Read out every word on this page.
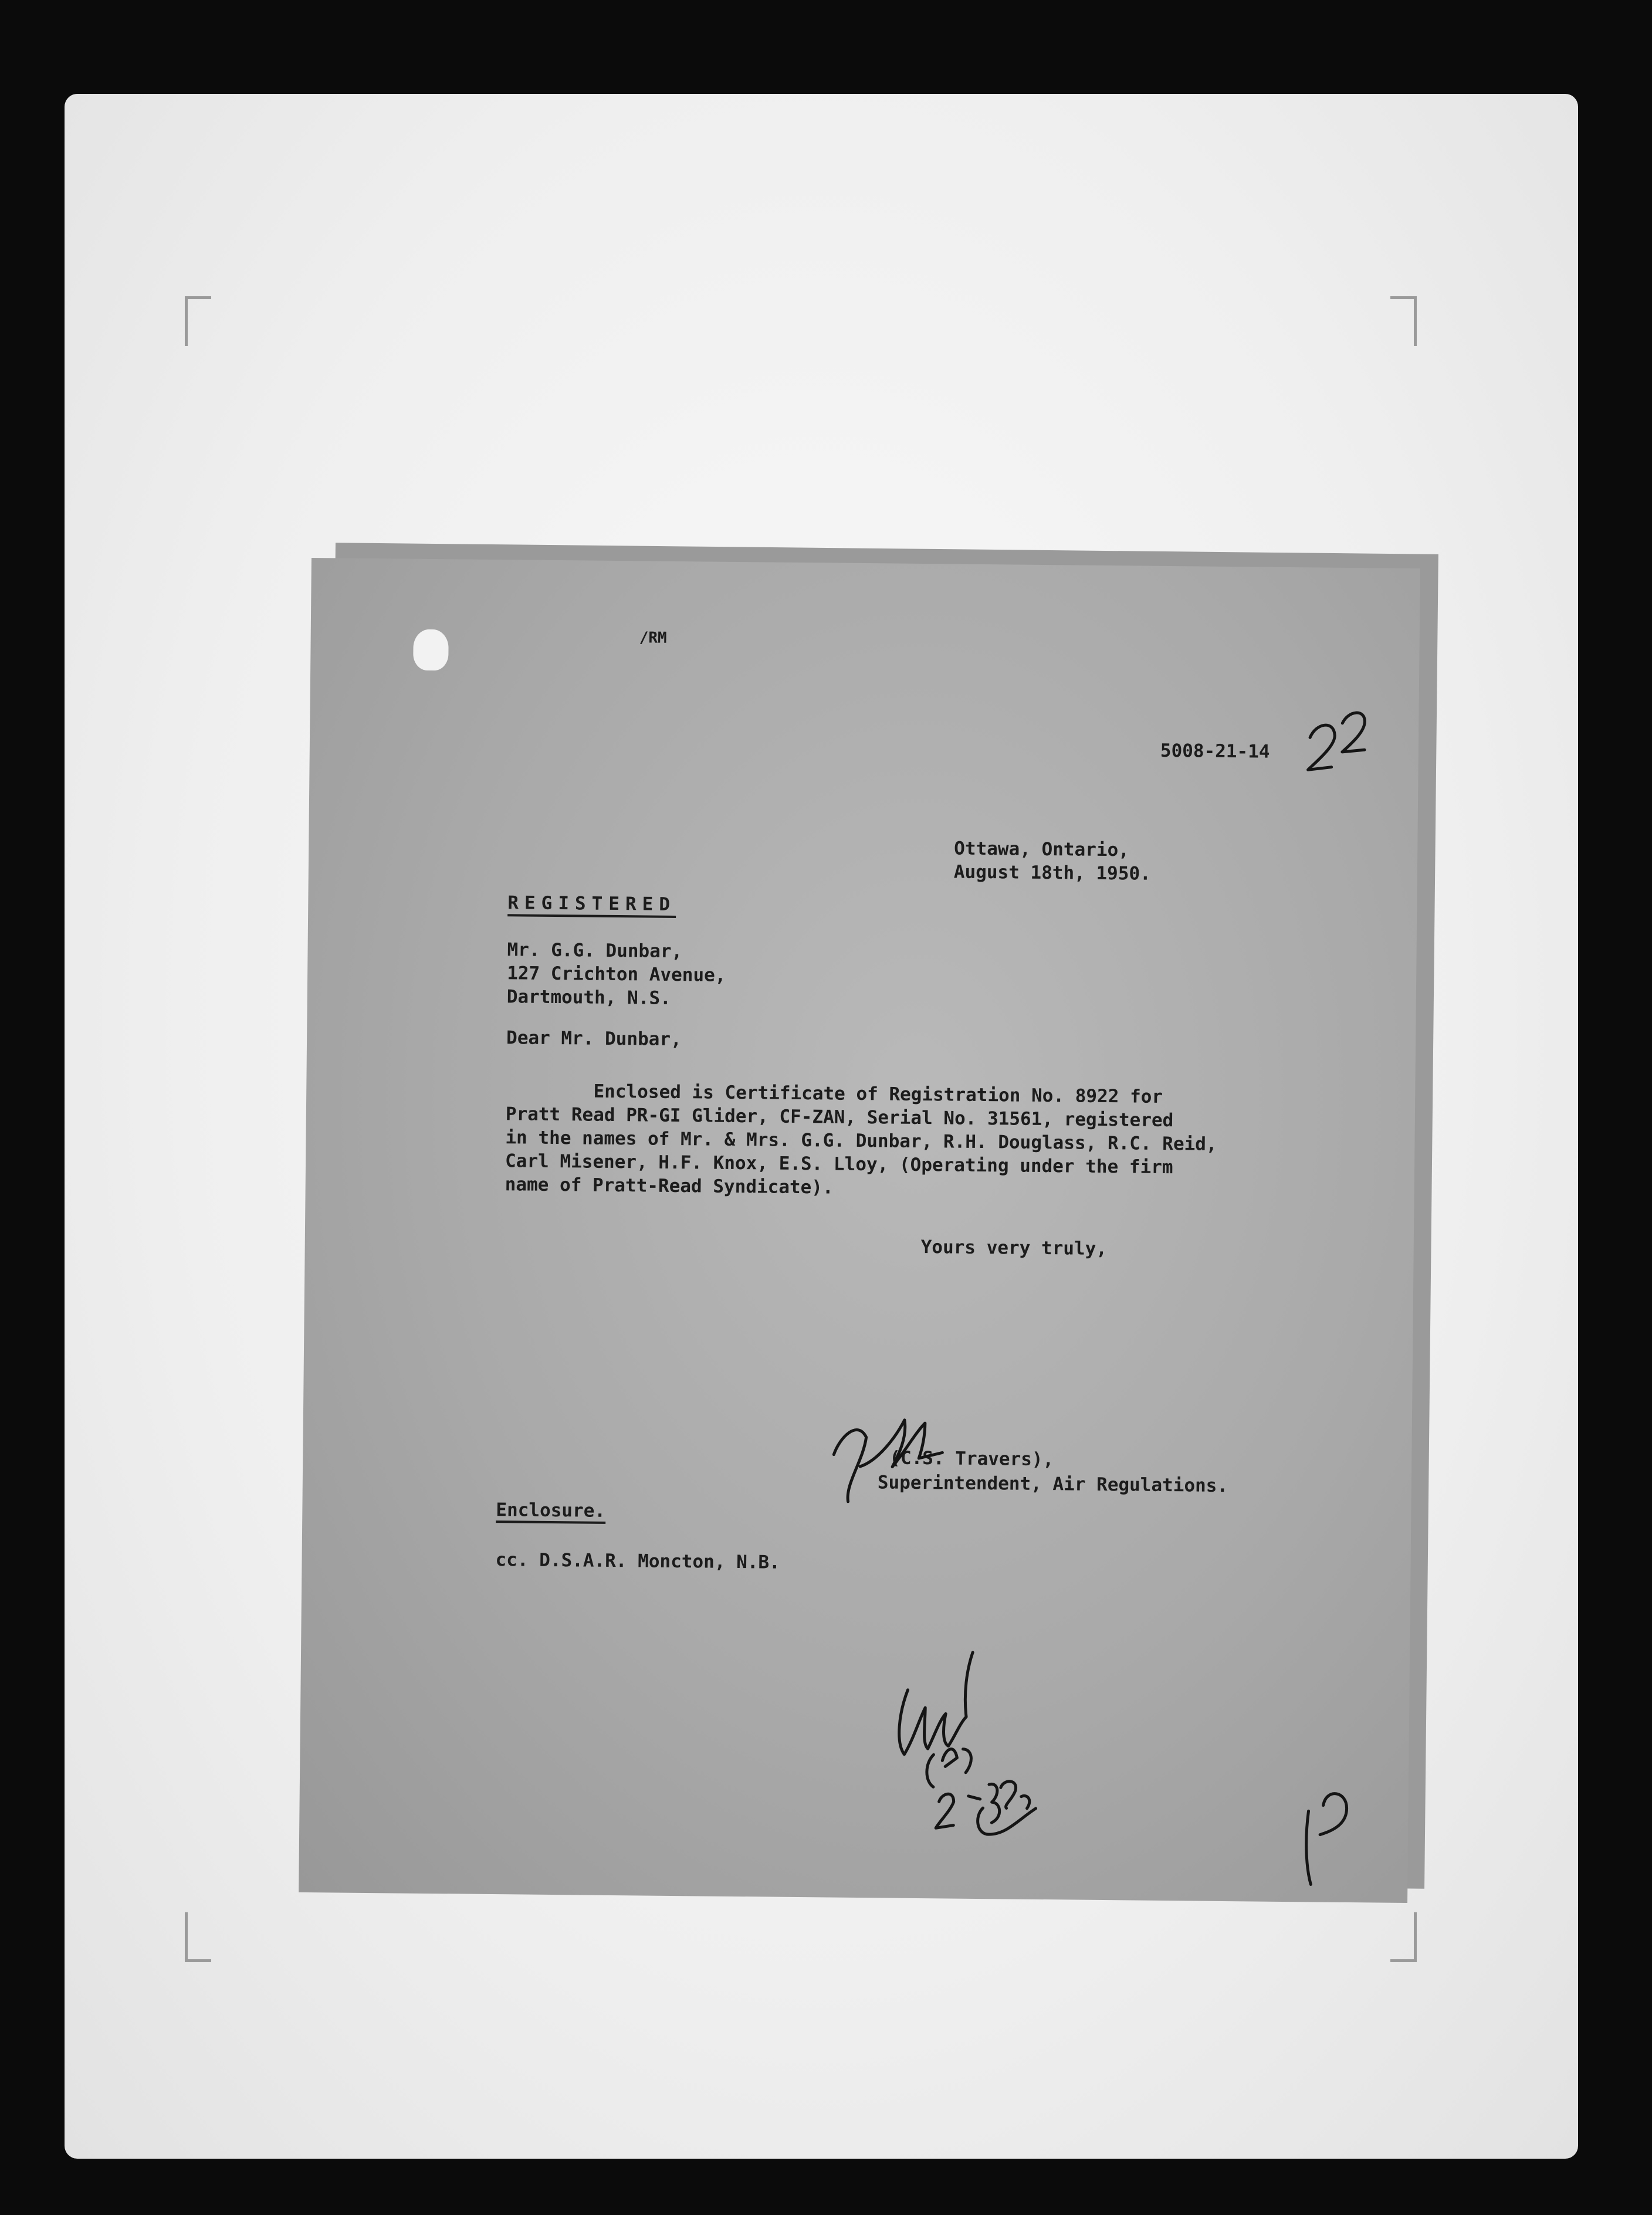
/RM
5008-21-14
Ottawa, Ontario,
August 18th, 1950.
REGISTERED
Mr. G.G. Dunbar,
127 Crichton Avenue,
Dartmouth, N.S.
Dear Mr. Dunbar,
Enclosed is Certificate of Registration No. 8922 for
Pratt Read PR-GI Glider, CF-ZAN, Serial No. 31561, registered
in the names of Mr. & Mrs. G.G. Dunbar, R.H. Douglass, R.C. Reid,
Carl Misener, H.F. Knox, E.S. Lloy, (Operating under the firm
name of Pratt-Read Syndicate).
Yours very truly,
(C.S. Travers),
Superintendent, Air Regulations.
Enclosure.
cc. D.S.A.R. Moncton, N.B.
